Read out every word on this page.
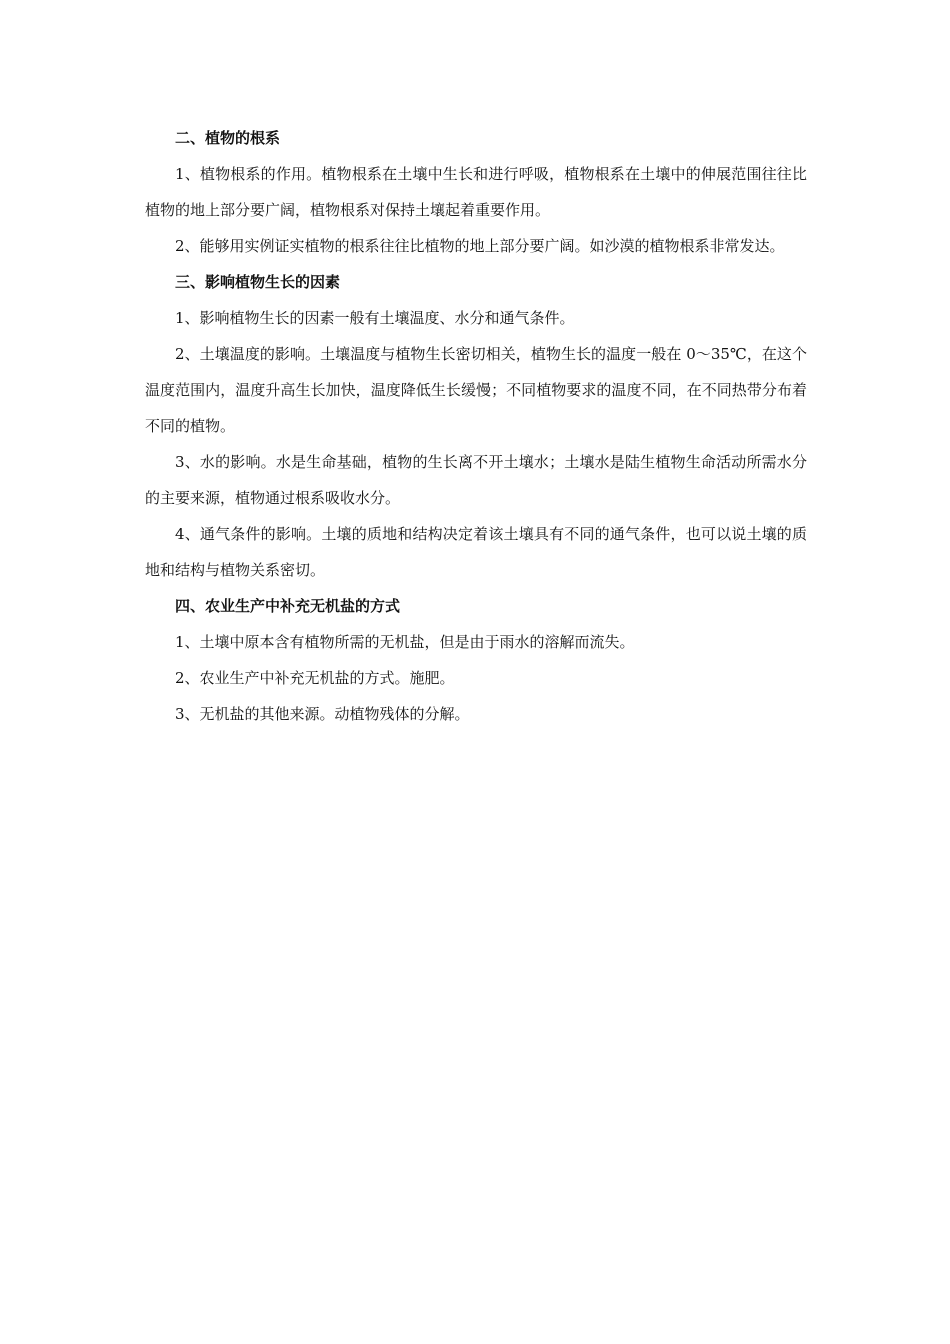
二、植物的根系

1、植物根系的作用。植物根系在土壤中生长和进行呼吸，植物根系在土壤中的伸展范围往往比植物的地上部分要广阔，植物根系对保持土壤起着重要作用。

2、能够用实例证实植物的根系往往比植物的地上部分要广阔。如沙漠的植物根系非常发达。

三、影响植物生长的因素

1、影响植物生长的因素一般有土壤温度、水分和通气条件。

2、土壤温度的影响。土壤温度与植物生长密切相关，植物生长的温度一般在 0～35℃，在这个温度范围内，温度升高生长加快，温度降低生长缓慢；不同植物要求的温度不同，在不同热带分布着不同的植物。

3、水的影响。水是生命基础，植物的生长离不开土壤水；土壤水是陆生植物生命活动所需水分的主要来源，植物通过根系吸收水分。

4、通气条件的影响。土壤的质地和结构决定着该土壤具有不同的通气条件，也可以说土壤的质地和结构与植物关系密切。

四、农业生产中补充无机盐的方式

1、土壤中原本含有植物所需的无机盐，但是由于雨水的溶解而流失。

2、农业生产中补充无机盐的方式。施肥。

3、无机盐的其他来源。动植物残体的分解。
